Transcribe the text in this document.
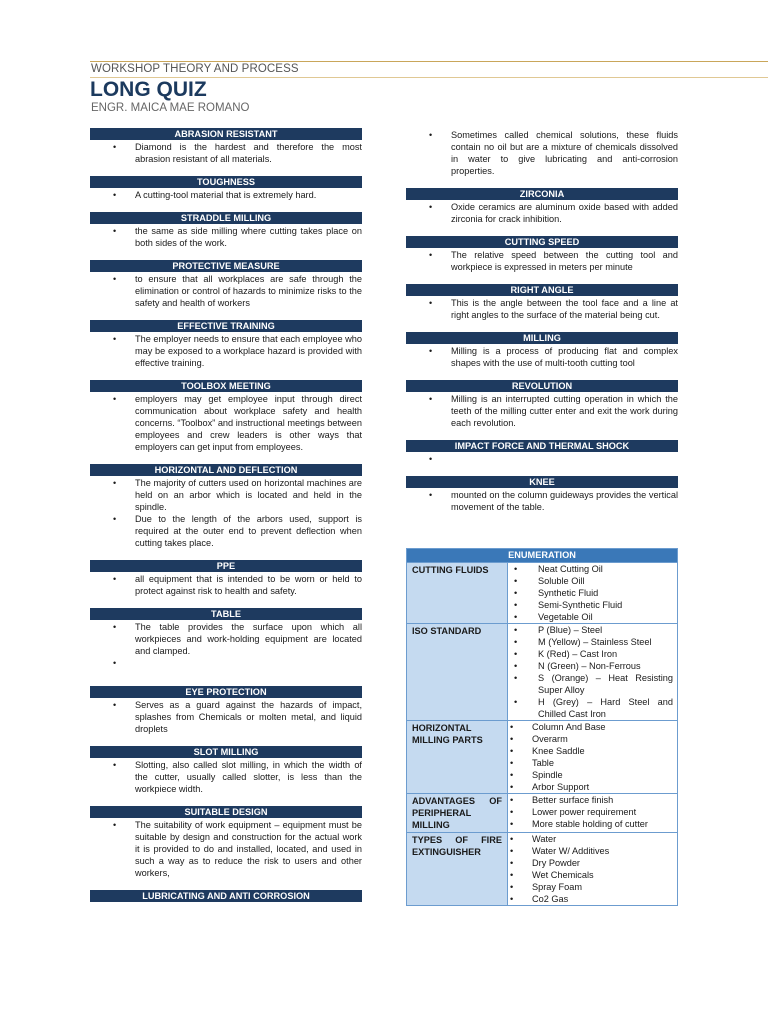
WORKSHOP THEORY AND PROCESS
LONG QUIZ
ENGR. MAICA MAE ROMANO
ABRASION RESISTANT
• Diamond is the hardest and therefore the most abrasion resistant of all materials.
TOUGHNESS
• A cutting-tool material that is extremely hard.
STRADDLE MILLING
• the same as side milling where cutting takes place on both sides of the work.
PROTECTIVE MEASURE
• to ensure that all workplaces are safe through the elimination or control of hazards to minimize risks to the safety and health of workers
EFFECTIVE TRAINING
• The employer needs to ensure that each employee who may be exposed to a workplace hazard is provided with effective training.
TOOLBOX MEETING
• employers may get employee input through direct communication about workplace safety and health concerns. “Toolbox” and instructional meetings between employees and crew leaders is other ways that employers can get input from employees.
HORIZONTAL AND DEFLECTION
• The majority of cutters used on horizontal machines are held on an arbor which is located and held in the spindle.
• Due to the length of the arbors used, support is required at the outer end to prevent deflection when cutting takes place.
PPE
• all equipment that is intended to be worn or held to protect against risk to health and safety.
TABLE
• The table provides the surface upon which all workpieces and work-holding equipment are located and clamped.
•
EYE PROTECTION
• Serves as a guard against the hazards of impact, splashes from Chemicals or molten metal, and liquid droplets
SLOT MILLING
• Slotting, also called slot milling, in which the width of the cutter, usually called slotter, is less than the workpiece width.
SUITABLE DESIGN
• The suitability of work equipment – equipment must be suitable by design and construction for the actual work it is provided to do and installed, located, and used in such a way as to reduce the risk to users and other workers,
LUBRICATING AND ANTI CORROSION
• Sometimes called chemical solutions, these fluids contain no oil but are a mixture of chemicals dissolved in water to give lubricating and anti-corrosion properties.
ZIRCONIA
• Oxide ceramics are aluminum oxide based with added zirconia for crack inhibition.
CUTTING SPEED
• The relative speed between the cutting tool and workpiece is expressed in meters per minute
RIGHT ANGLE
• This is the angle between the tool face and a line at right angles to the surface of the material being cut.
MILLING
• Milling is a process of producing flat and complex shapes with the use of multi-tooth cutting tool
REVOLUTION
• Milling is an interrupted cutting operation in which the teeth of the milling cutter enter and exit the work during each revolution.
IMPACT FORCE AND THERMAL SHOCK
•
KNEE
• mounted on the column guideways provides the vertical movement of the table.
ENUMERATION
CUTTING FLUIDS	• Neat Cutting Oil
• Soluble Oill
• Synthetic Fluid
• Semi-Synthetic Fluid
• Vegetable Oil
ISO STANDARD	• P (Blue) – Steel
• M (Yellow) – Stainless Steel
• K (Red) – Cast Iron
• N (Green) – Non-Ferrous
• S (Orange) – Heat Resisting Super Alloy
• H (Grey) – Hard Steel and Chilled Cast Iron
HORIZONTAL MILLING PARTS
• Column And Base
• Overarm
• Knee Saddle
• Table
• Spindle
• Arbor Support
ADVANTAGES OF PERIPHERAL MILLING
• Better surface finish
• Lower power requirement
• More stable holding of cutter
TYPES OF FIRE EXTINGUISHER
• Water
• Water W/ Additives
• Dry Powder
• Wet Chemicals
• Spray Foam
• Co2 Gas
